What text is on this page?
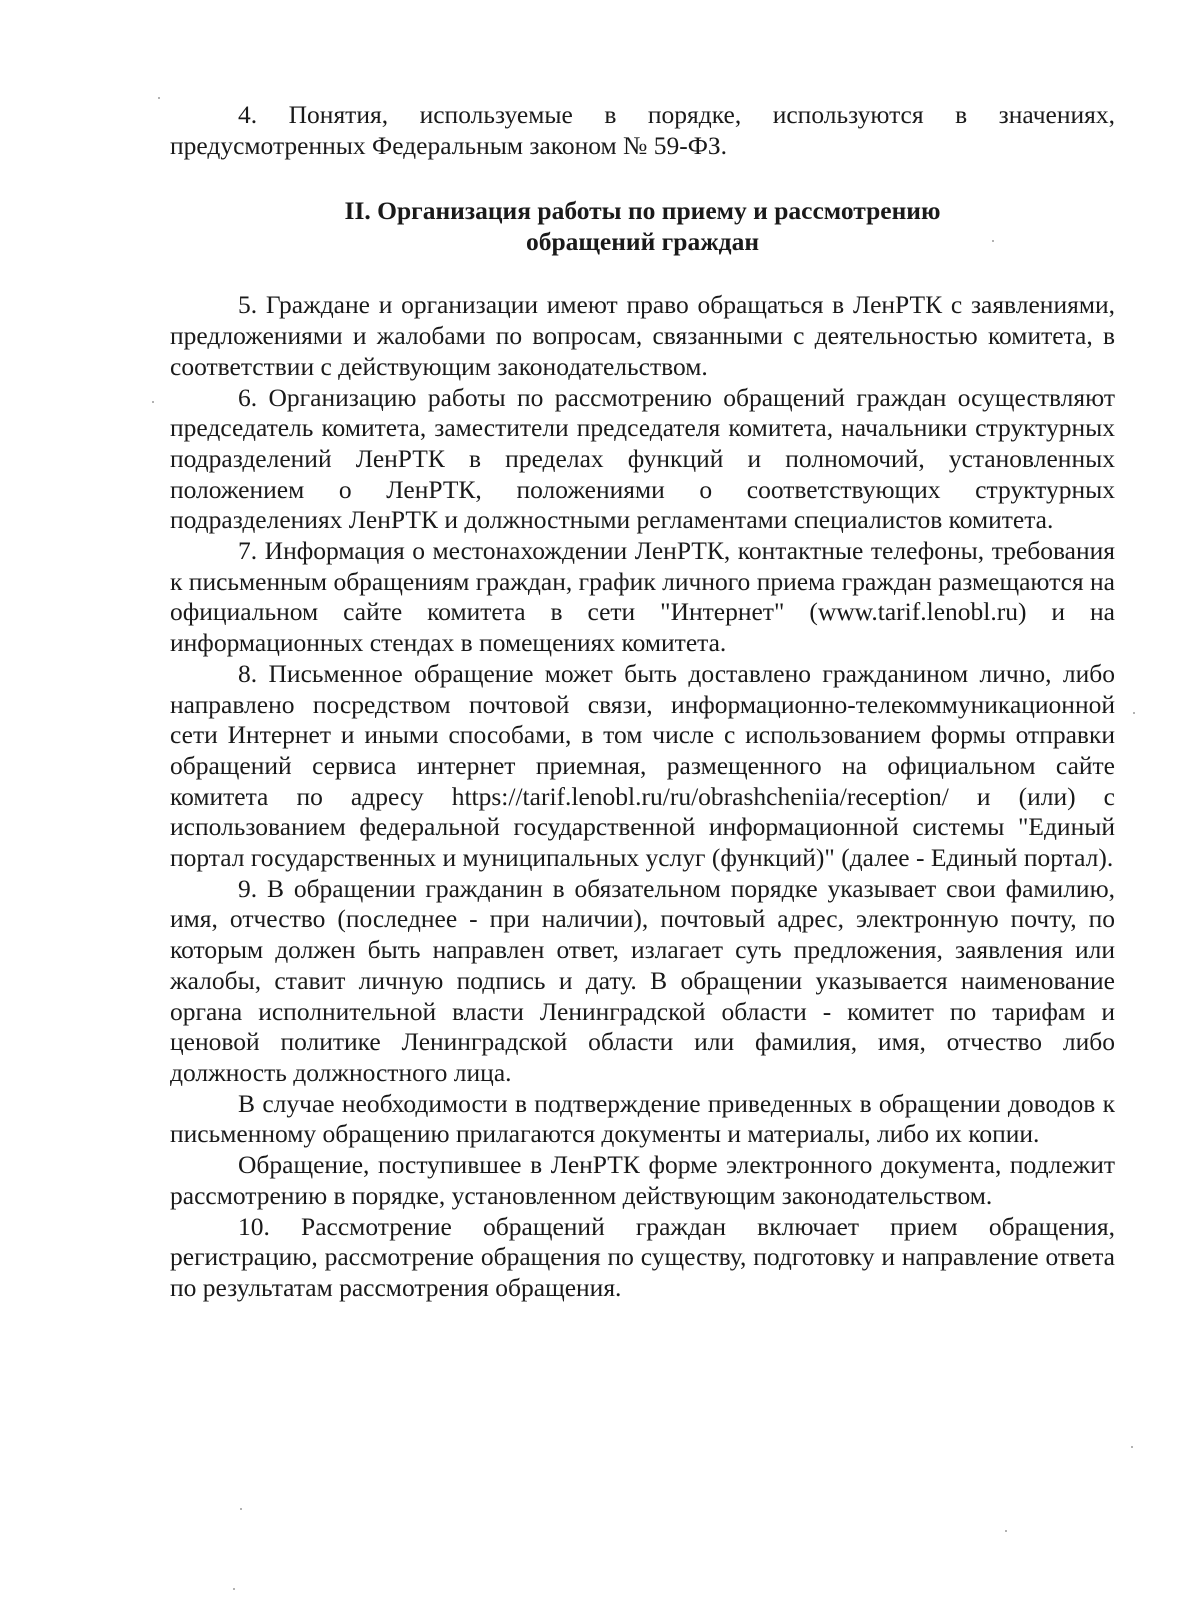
4. Понятия, используемые в порядке, используются в значениях, предусмотренных Федеральным законом № 59-ФЗ.

II. Организация работы по приему и рассмотрению
обращений граждан

5. Граждане и организации имеют право обращаться в ЛенРТК с заявлениями, предложениями и жалобами по вопросам, связанными с деятельностью комитета, в соответствии с действующим законодательством.

6. Организацию работы по рассмотрению обращений граждан осуществляют председатель комитета, заместители председателя комитета, начальники структурных подразделений ЛенРТК в пределах функций и полномочий, установленных положением о ЛенРТК, положениями о соответствующих структурных подразделениях ЛенРТК и должностными регламентами специалистов комитета.

7. Информация о местонахождении ЛенРТК, контактные телефоны, требования к письменным обращениям граждан, график личного приема граждан размещаются на официальном сайте комитета в сети "Интернет" (www.tarif.lenobl.ru) и на информационных стендах в помещениях комитета.

8. Письменное обращение может быть доставлено гражданином лично, либо направлено посредством почтовой связи, информационно-телекоммуникационной сети Интернет и иными способами, в том числе с использованием формы отправки обращений сервиса интернет приемная, размещенного на официальном сайте комитета по адресу https://tarif.lenobl.ru/ru/obrashcheniia/reception/ и (или) с использованием федеральной государственной информационной системы "Единый портал государственных и муниципальных услуг (функций)" (далее - Единый портал).

9. В обращении гражданин в обязательном порядке указывает свои фамилию, имя, отчество (последнее - при наличии), почтовый адрес, электронную почту, по которым должен быть направлен ответ, излагает суть предложения, заявления или жалобы, ставит личную подпись и дату. В обращении указывается наименование органа исполнительной власти Ленинградской области - комитет по тарифам и ценовой политике Ленинградской области или фамилия, имя, отчество либо должность должностного лица.

В случае необходимости в подтверждение приведенных в обращении доводов к письменному обращению прилагаются документы и материалы, либо их копии.

Обращение, поступившее в ЛенРТК форме электронного документа, подлежит рассмотрению в порядке, установленном действующим законодательством.

10. Рассмотрение обращений граждан включает прием обращения, регистрацию, рассмотрение обращения по существу, подготовку и направление ответа по результатам рассмотрения обращения.
